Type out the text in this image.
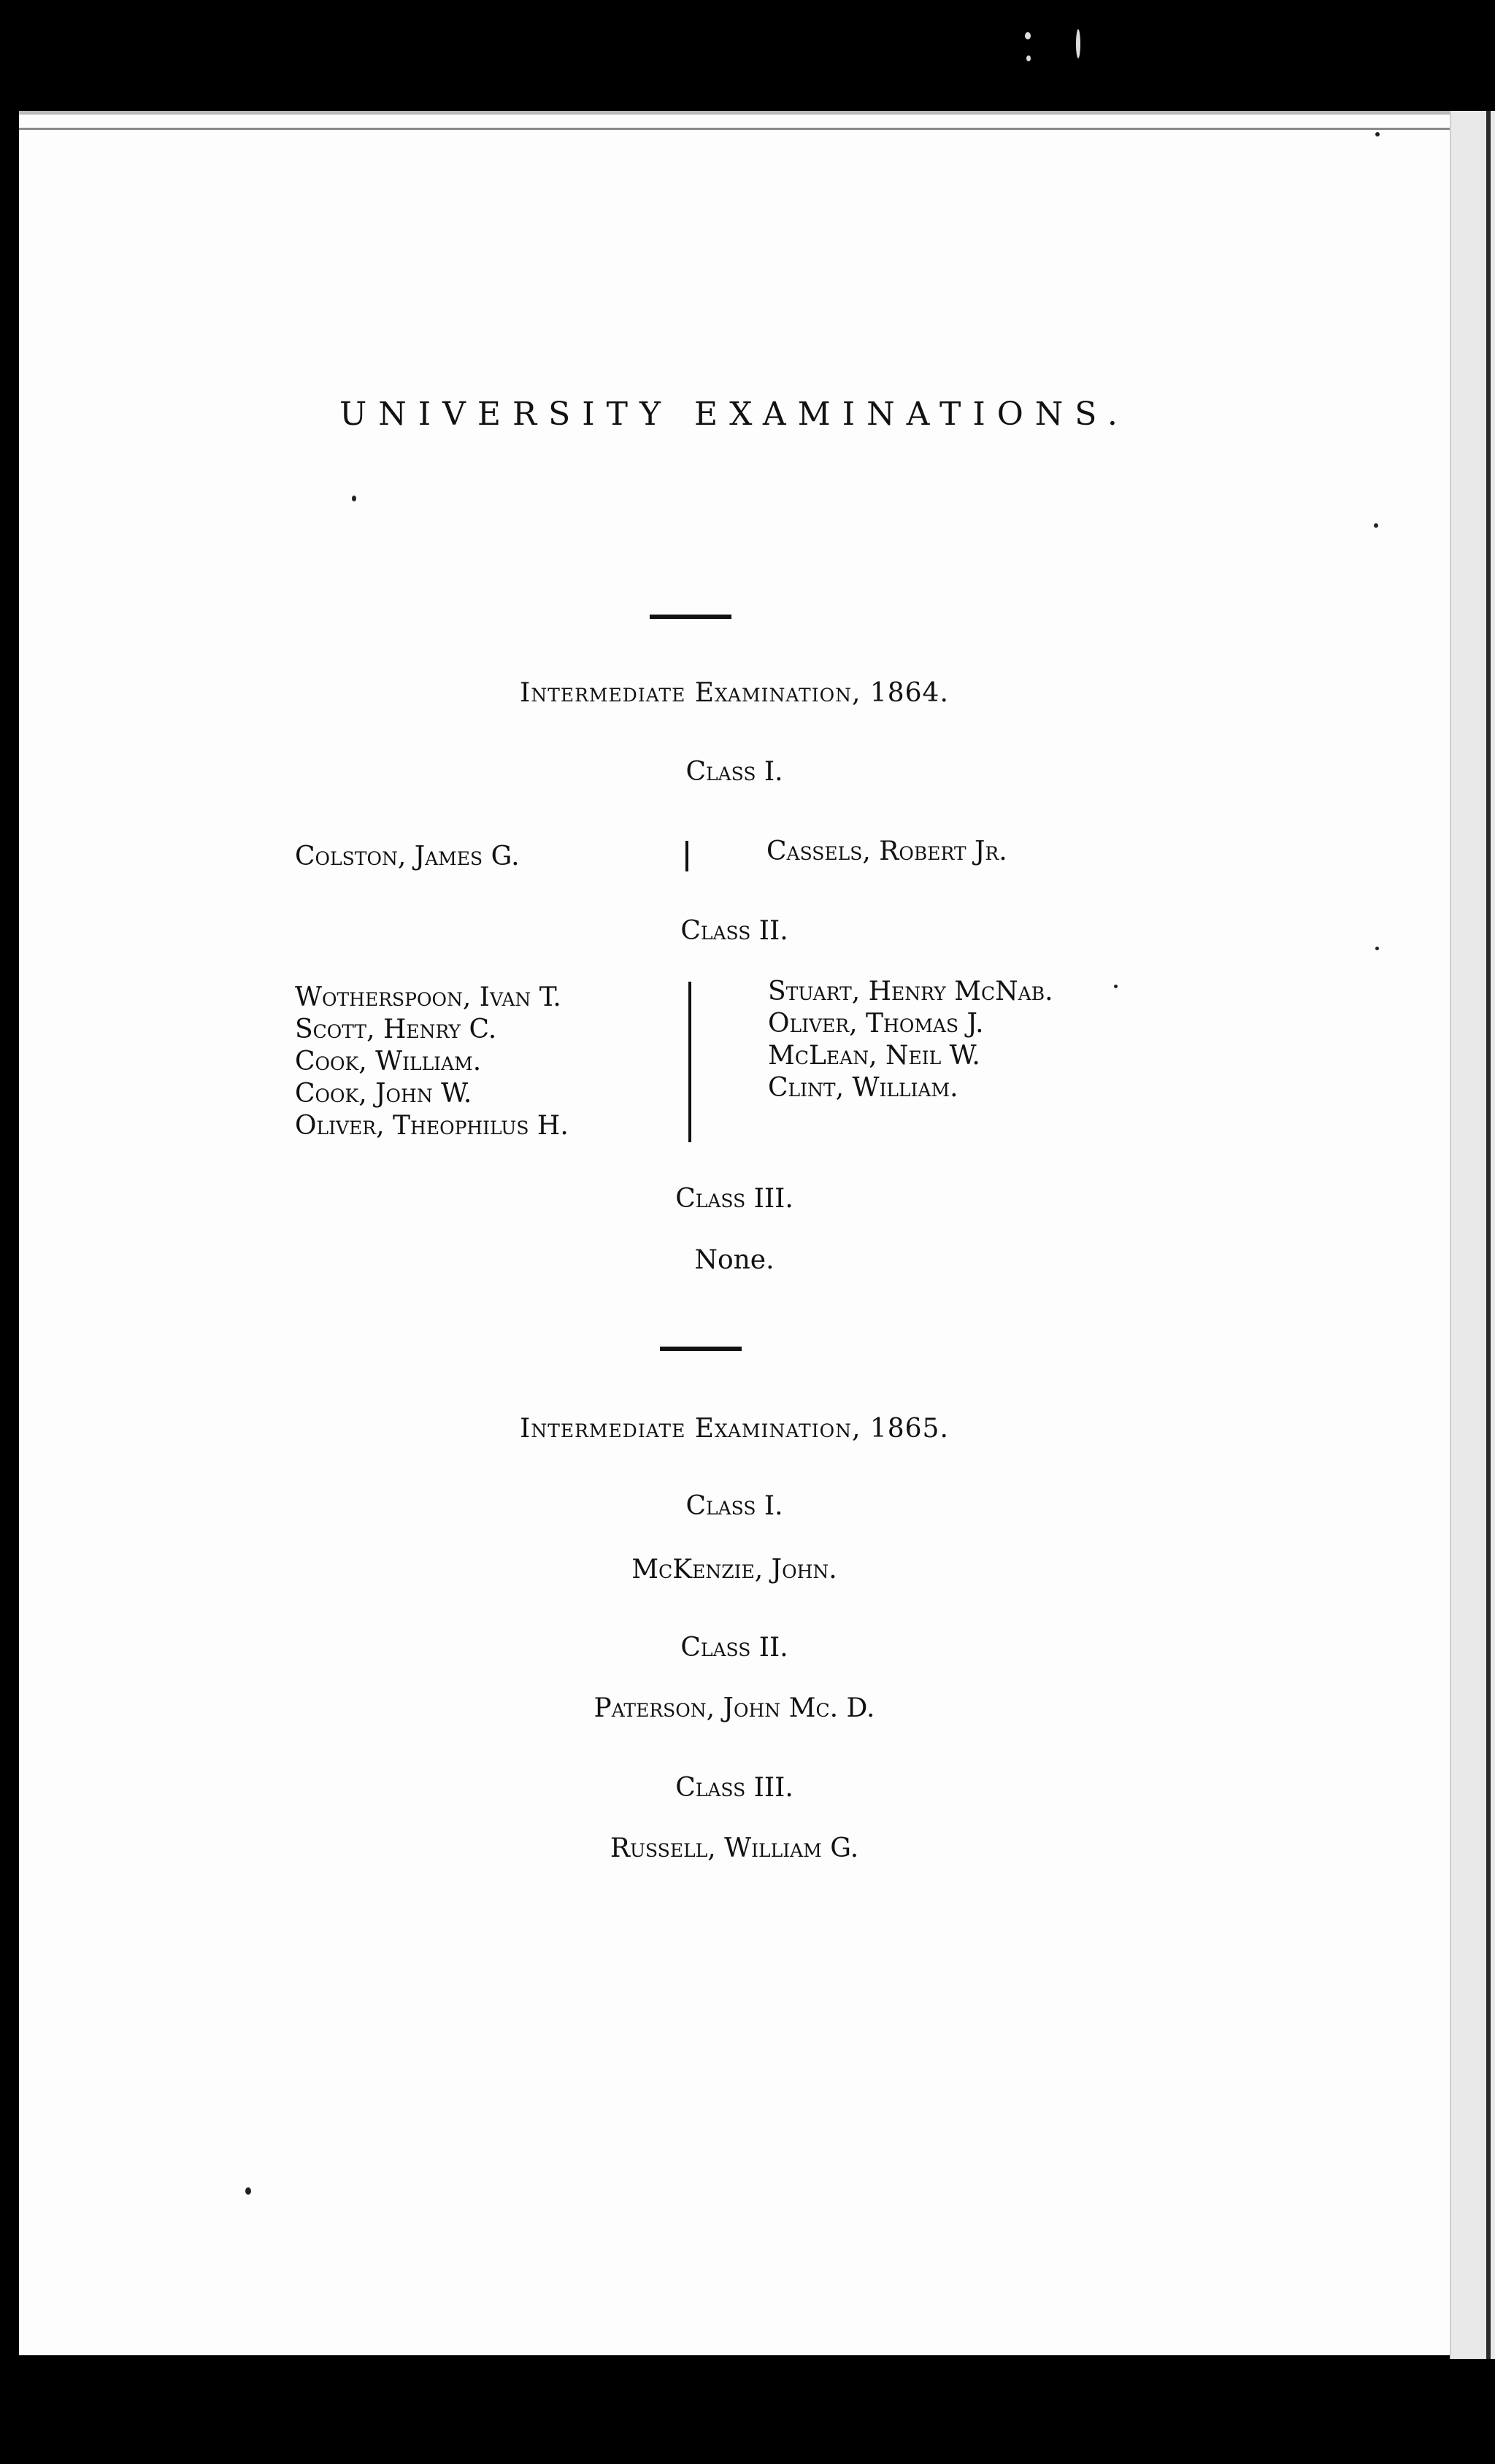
UNIVERSITY EXAMINATIONS.
Intermediate Examination, 1864.
Class I.
Colston, James G.	Cassels, Robert Jr.
Class II.
Wotherspoon, Ivan T.
Scott, Henry C.
Cook, William.
Cook, John W.
Oliver, Theophilus H.
Stuart, Henry McNab.
Oliver, Thomas J.
McLean, Neil W.
Clint, William.
Class III.
None.
Intermediate Examination, 1865.
Class I.
McKenzie, John.
Class II.
Paterson, John Mc. D.
Class III.
Russell, William G.
